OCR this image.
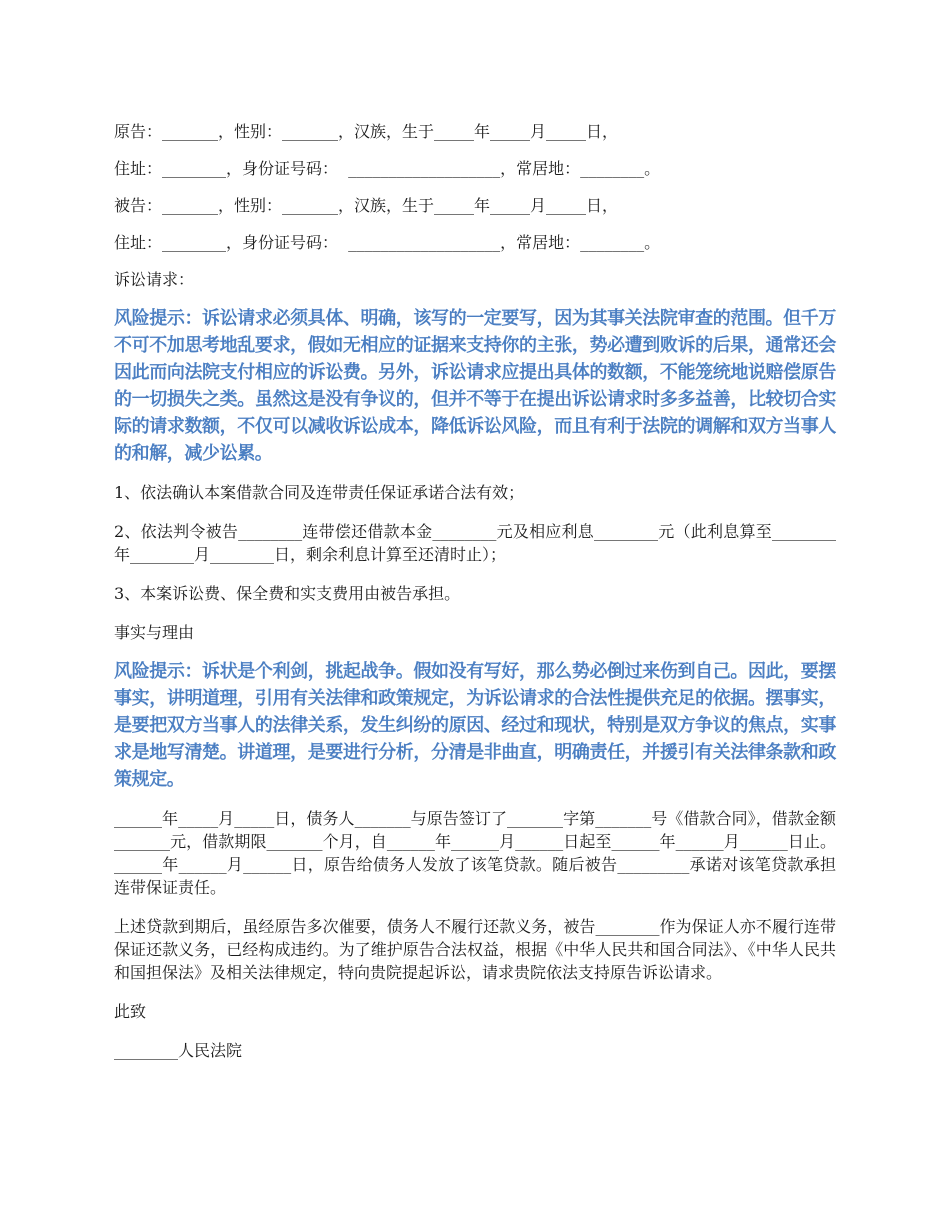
原告：_______，性别：_______，汉族，生于_____年_____月_____日，
住址：________，身份证号码：  ___________________，常居地：________。
被告：_______，性别：_______，汉族，生于_____年_____月_____日，
住址：________，身份证号码：  ___________________，常居地：________。
诉讼请求：
风险提示：诉讼请求必须具体、明确，该写的一定要写，因为其事关法院审查的范围。但千万不可不加思考地乱要求，假如无相应的证据来支持你的主张，势必遭到败诉的后果，通常还会因此而向法院支付相应的诉讼费。另外，诉讼请求应提出具体的数额，不能笼统地说赔偿原告的一切损失之类。虽然这是没有争议的，但并不等于在提出诉讼请求时多多益善，比较切合实际的请求数额，不仅可以减收诉讼成本，降低诉讼风险，而且有利于法院的调解和双方当事人的和解，减少讼累。
1、依法确认本案借款合同及连带责任保证承诺合法有效；
2、依法判令被告________连带偿还借款本金________元及相应利息________元（此利息算至________年________月________日，剩余利息计算至还清时止）；
3、本案诉讼费、保全费和实支费用由被告承担。
事实与理由
风险提示：诉状是个利剑，挑起战争。假如没有写好，那么势必倒过来伤到自己。因此，要摆事实，讲明道理，引用有关法律和政策规定，为诉讼请求的合法性提供充足的依据。摆事实，是要把双方当事人的法律关系，发生纠纷的原因、经过和现状，特别是双方争议的焦点，实事求是地写清楚。讲道理，是要进行分析，分清是非曲直，明确责任，并援引有关法律条款和政策规定。
______年_____月_____日，债务人_______与原告签订了_______字第_______号《借款合同》，借款金额_______元，借款期限_______个月，自______年______月______日起至______年______月______日止。______年______月______日，原告给债务人发放了该笔贷款。随后被告_________承诺对该笔贷款承担连带保证责任。
上述贷款到期后，虽经原告多次催要，债务人不履行还款义务，被告________作为保证人亦不履行连带保证还款义务，已经构成违约。为了维护原告合法权益，根据《中华人民共和国合同法》、《中华人民共和国担保法》及相关法律规定，特向贵院提起诉讼，请求贵院依法支持原告诉讼请求。
此致
________人民法院
